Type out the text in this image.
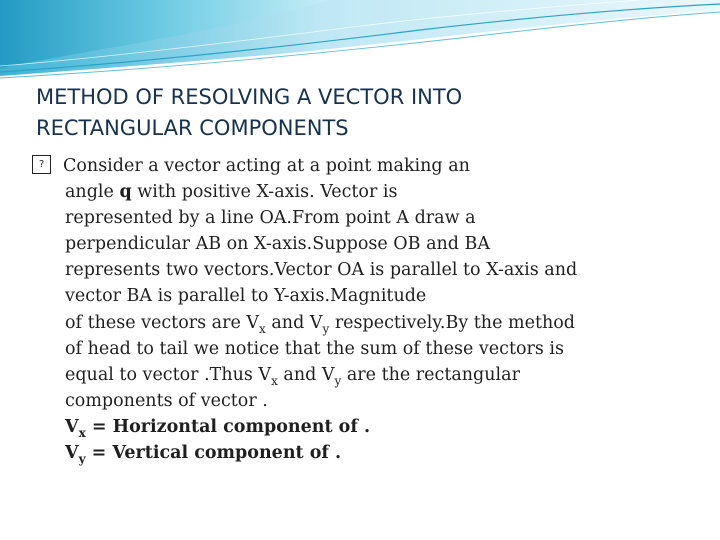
METHOD OF RESOLVING A VECTOR INTO
RECTANGULAR COMPONENTS
?Consider a vector acting at a point making an
angle q with positive X-axis. Vector is
represented by a line OA.From point A draw a
perpendicular AB on X-axis.Suppose OB and BA
represents two vectors.Vector OA is parallel to X-axis and
vector BA is parallel to Y-axis.Magnitude
of these vectors are $V_x$ and $V_y$ respectively.By the method
of head to tail we notice that the sum of these vectors is
equal to vector .Thus $V_x$ and $V_y$ are the rectangular
components of vector .
$V_x$ = Horizontal component of .
$V_y$ = Vertical component of .
